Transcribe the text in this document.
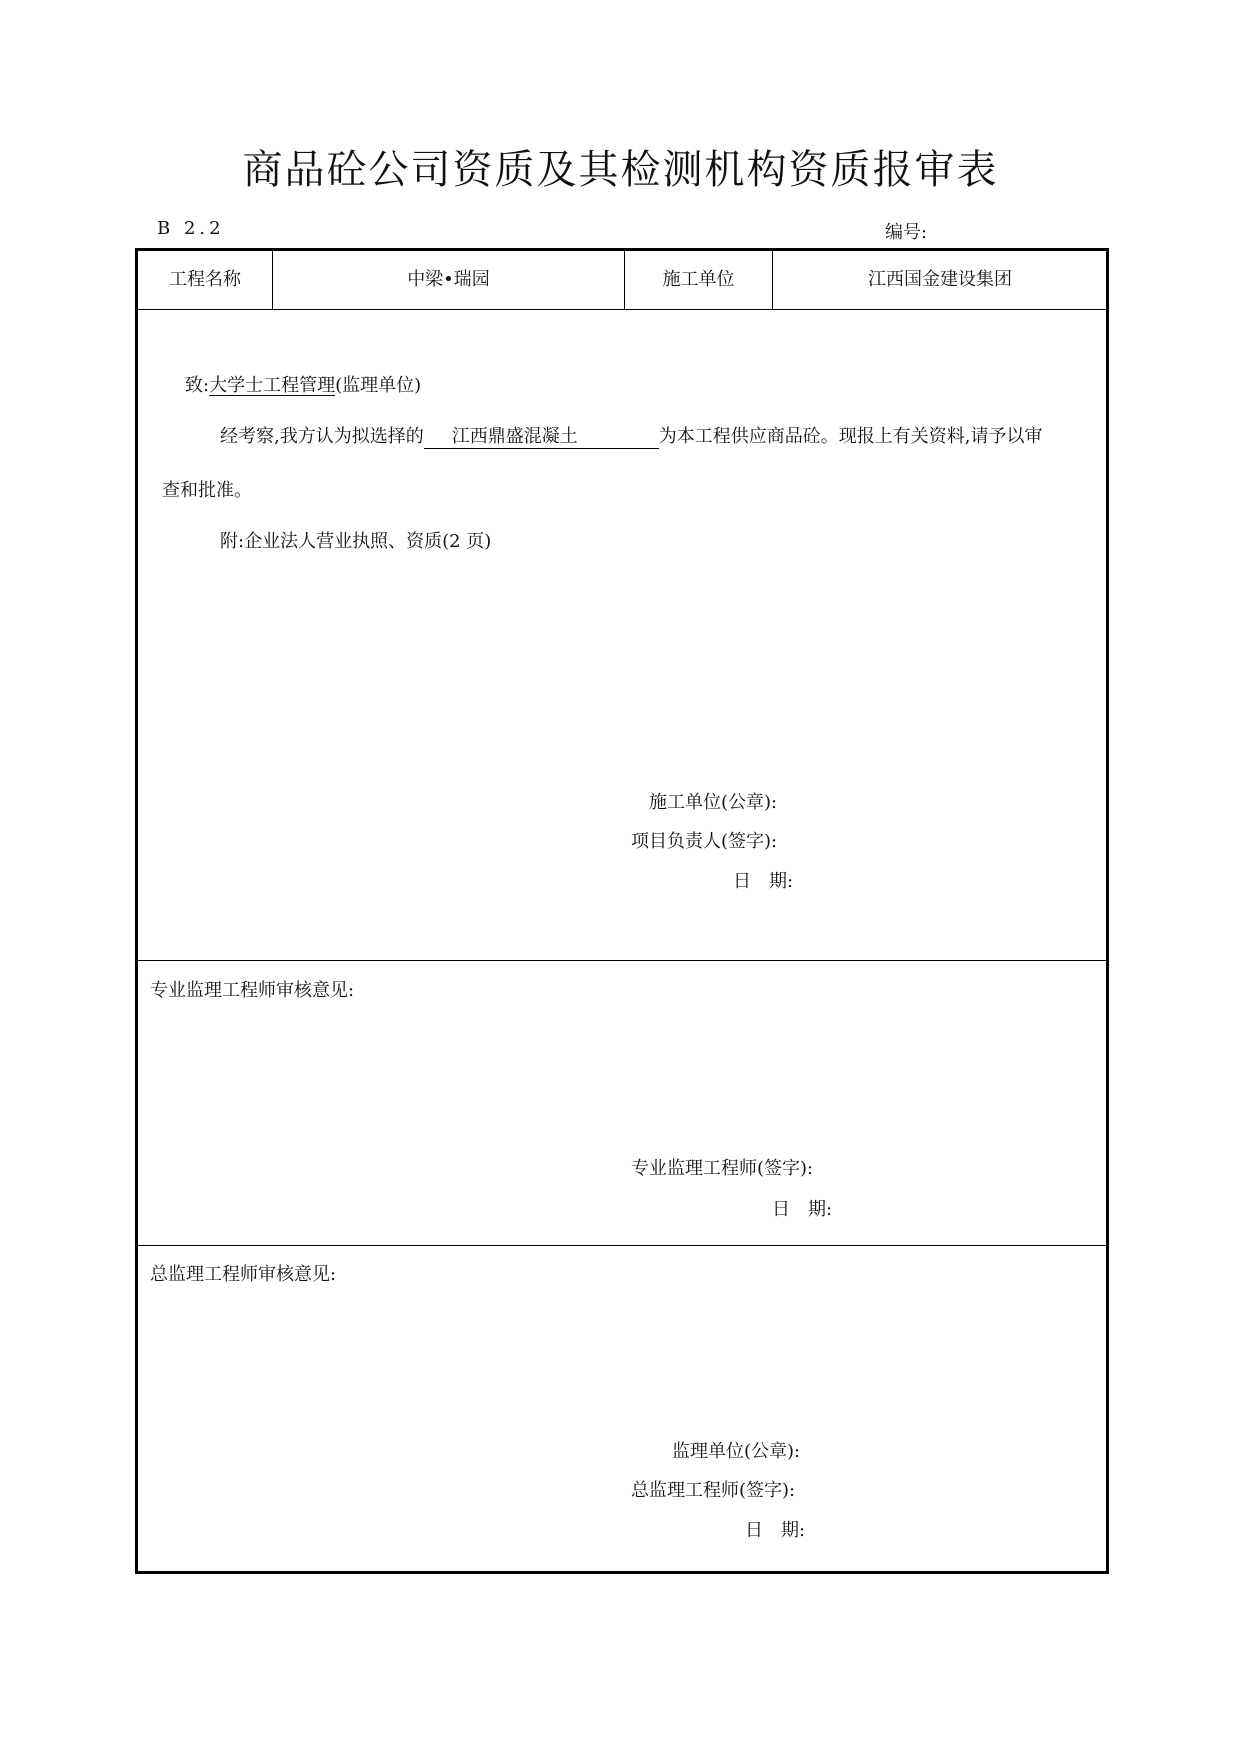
商品砼公司资质及其检测机构资质报审表
B 2.2	编号:
工程名称	中梁•瑞园	施工单位	江西国金建设集团
致:大学士工程管理(监理单位)
经考察,我方认为拟选择的 江西鼎盛混凝土	为本工程供应商品砼。现报上有关资料,请予以审
查和批准。
附:企业法人营业执照、资质(2 页)
施工单位(公章):
项目负责人(签字):
日　期:
专业监理工程师审核意见:
专业监理工程师(签字):
日　期:
总监理工程师审核意见:
监理单位(公章):
总监理工程师(签字):
日　期:
